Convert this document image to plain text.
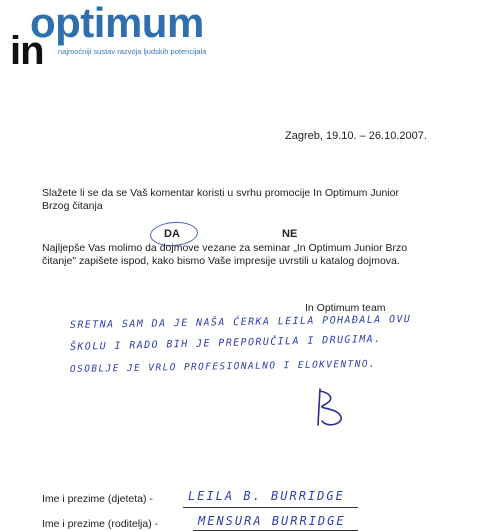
optimum
in najmoćniji sustav razvoja ljudskih potencijala
Zagreb, 19.10. – 26.10.2007.
Slažete li se da se Vaš komentar koristi u svrhu promocije In Optimum Junior
Brzog čitanja
DA	NE
Najljepše Vas molimo da dojmove vezane za seminar „In Optimum Junior Brzo
čitanje" zapišete ispod, kako bismo Vaše impresije uvrstili u katalog dojmova.
In Optimum team
SRETNA SAM DA JE NAŠA ĆERKA LEILA POHAĐALA OVU
ŠKOLU I RADO BIH JE PREPORUČILA I DRUGIMA.
OSOBLJE JE VRLO PROFESIONALNO I ELOKVENTNO.
Ime i prezime (djeteta) -	LEILA B. BURRIDGE
Ime i prezime (roditelja) -	MENSURA BURRIDGE
